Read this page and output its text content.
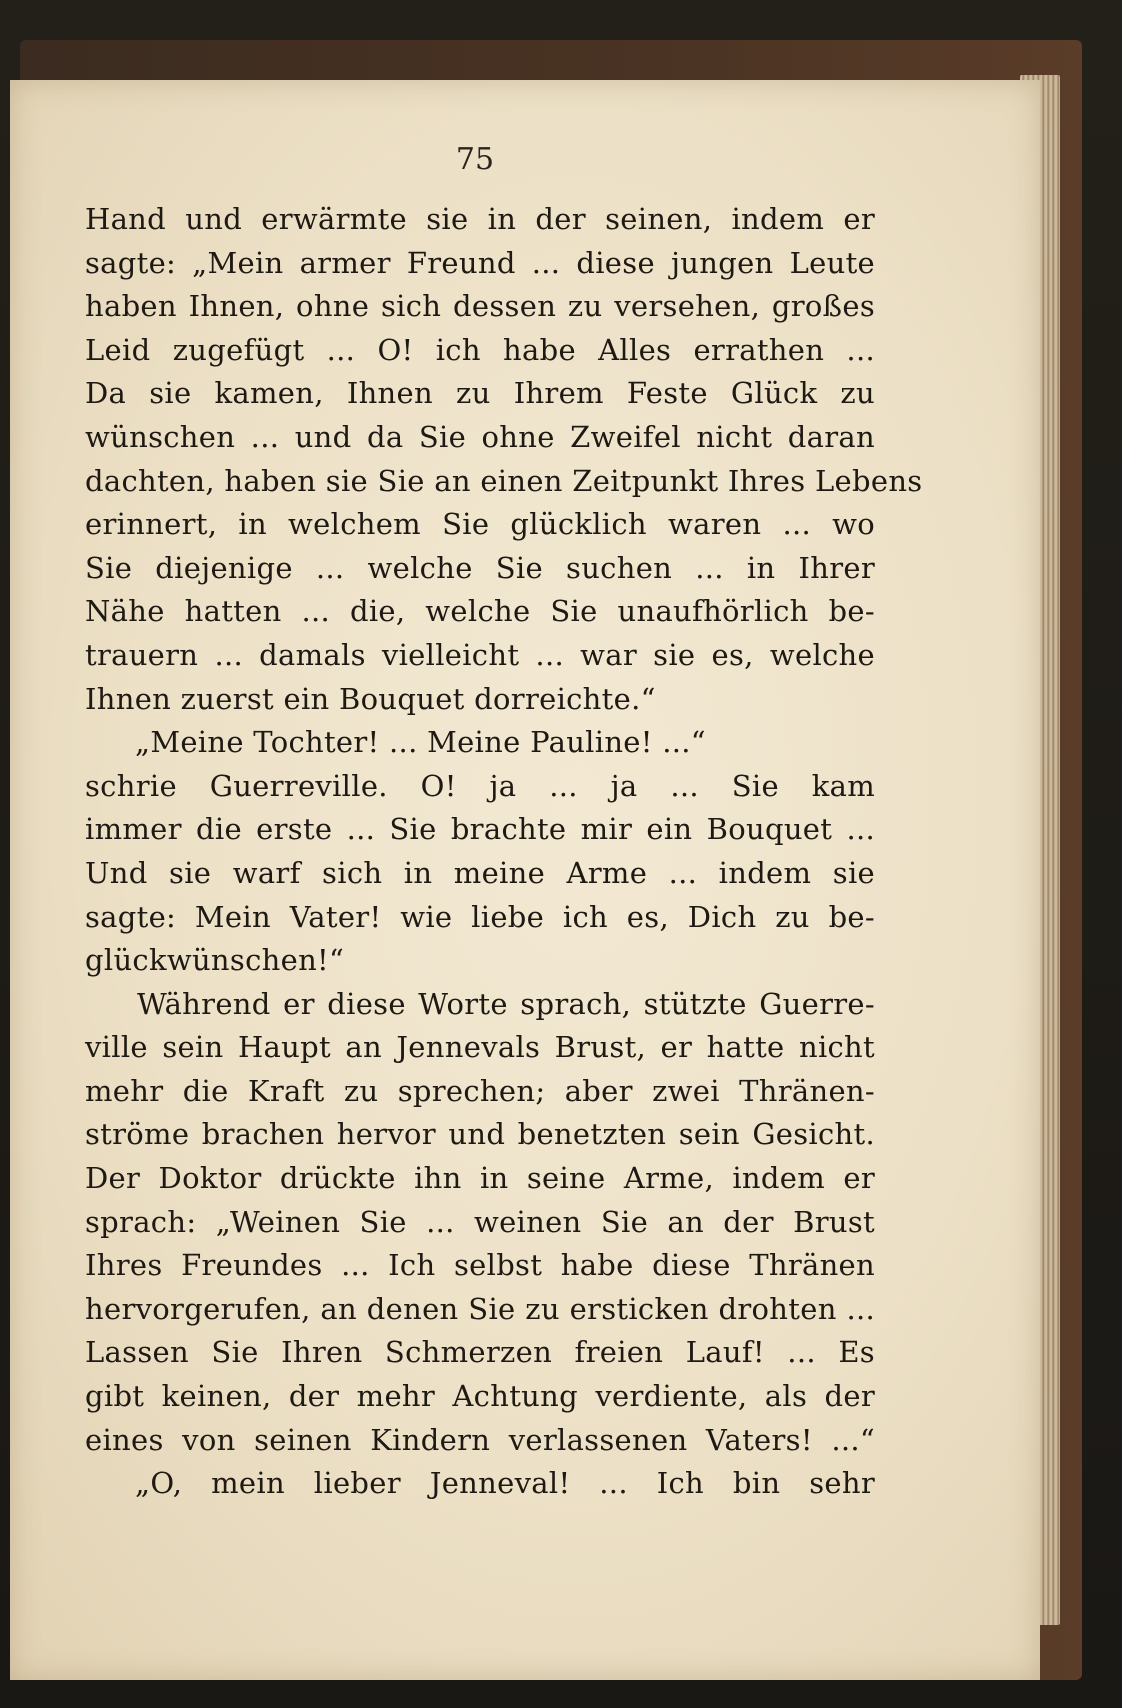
75
Hand und erwärmte sie in der seinen, indem er
sagte: „Mein armer Freund ... diese jungen Leute
haben Ihnen, ohne sich dessen zu versehen, großes
Leid zugefügt ... O! ich habe Alles errathen ...
Da sie kamen, Ihnen zu Ihrem Feste Glück zu
wünschen ... und da Sie ohne Zweifel nicht daran
dachten, haben sie Sie an einen Zeitpunkt Ihres Lebens
erinnert, in welchem Sie glücklich waren ... wo
Sie diejenige ... welche Sie suchen ... in Ihrer
Nähe hatten ... die, welche Sie unaufhörlich be-
trauern ... damals vielleicht ... war sie es, welche
Ihnen zuerst ein Bouquet dorreichte.“
„Meine Tochter! ... Meine Pauline! ...“
schrie Guerreville. O! ja ... ja ... Sie kam
immer die erste ... Sie brachte mir ein Bouquet ...
Und sie warf sich in meine Arme ... indem sie
sagte: Mein Vater! wie liebe ich es, Dich zu be-
glückwünschen!“
Während er diese Worte sprach, stützte Guerre-
ville sein Haupt an Jennevals Brust, er hatte nicht
mehr die Kraft zu sprechen; aber zwei Thränen-
ströme brachen hervor und benetzten sein Gesicht.
Der Doktor drückte ihn in seine Arme, indem er
sprach: „Weinen Sie ... weinen Sie an der Brust
Ihres Freundes ... Ich selbst habe diese Thränen
hervorgerufen, an denen Sie zu ersticken drohten ...
Lassen Sie Ihren Schmerzen freien Lauf! ... Es
gibt keinen, der mehr Achtung verdiente, als der
eines von seinen Kindern verlassenen Vaters! ...“
„O, mein lieber Jenneval! ... Ich bin sehr
